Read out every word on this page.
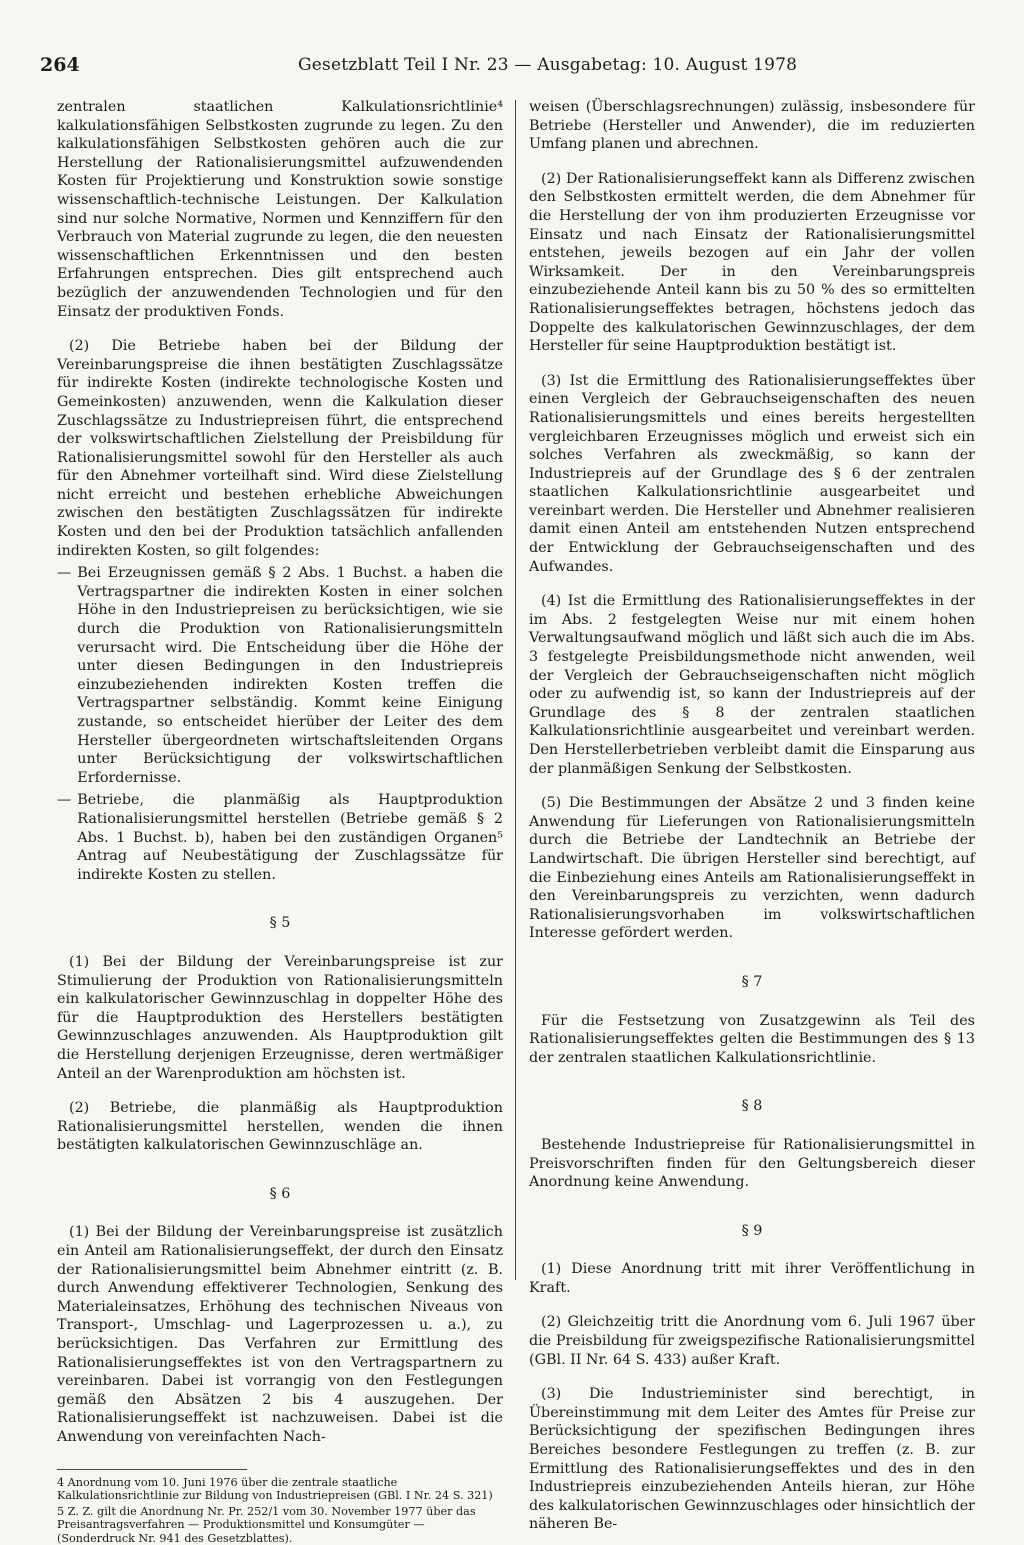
264	Gesetzblatt Teil I Nr. 23 — Ausgabetag: 10. August 1978

zentralen staatlichen Kalkulationsrichtlinie⁴ kalkulationsfähigen Selbstkosten zugrunde zu legen. Zu den kalkulationsfähigen Selbstkosten gehören auch die zur Herstellung der Rationalisierungsmittel aufzuwendenden Kosten für Projektierung und Konstruktion sowie sonstige wissenschaftlich-technische Leistungen. Der Kalkulation sind nur solche Normative, Normen und Kennziffern für den Verbrauch von Material zugrunde zu legen, die den neuesten wissenschaftlichen Erkenntnissen und den besten Erfahrungen entsprechen. Dies gilt entsprechend auch bezüglich der anzuwendenden Technologien und für den Einsatz der produktiven Fonds.

(2) Die Betriebe haben bei der Bildung der Vereinbarungspreise die ihnen bestätigten Zuschlagssätze für indirekte Kosten (indirekte technologische Kosten und Gemeinkosten) anzuwenden, wenn die Kalkulation dieser Zuschlagssätze zu Industriepreisen führt, die entsprechend der volkswirtschaftlichen Zielstellung der Preisbildung für Rationalisierungsmittel sowohl für den Hersteller als auch für den Abnehmer vorteilhaft sind. Wird diese Zielstellung nicht erreicht und bestehen erhebliche Abweichungen zwischen den bestätigten Zuschlagssätzen für indirekte Kosten und den bei der Produktion tatsächlich anfallenden indirekten Kosten, so gilt folgendes:

— Bei Erzeugnissen gemäß § 2 Abs. 1 Buchst. a haben die Vertragspartner die indirekten Kosten in einer solchen Höhe in den Industriepreisen zu berücksichtigen, wie sie durch die Produktion von Rationalisierungsmitteln verursacht wird. Die Entscheidung über die Höhe der unter diesen Bedingungen in den Industriepreis einzubeziehenden indirekten Kosten treffen die Vertragspartner selbständig. Kommt keine Einigung zustande, so entscheidet hierüber der Leiter des dem Hersteller übergeordneten wirtschaftsleitenden Organs unter Berücksichtigung der volkswirtschaftlichen Erfordernisse.
— Betriebe, die planmäßig als Hauptproduktion Rationalisierungsmittel herstellen (Betriebe gemäß § 2 Abs. 1 Buchst. b), haben bei den zuständigen Organen⁵ Antrag auf Neubestätigung der Zuschlagssätze für indirekte Kosten zu stellen.

§ 5

(1) Bei der Bildung der Vereinbarungspreise ist zur Stimulierung der Produktion von Rationalisierungsmitteln ein kalkulatorischer Gewinnzuschlag in doppelter Höhe des für die Hauptproduktion des Herstellers bestätigten Gewinnzuschlages anzuwenden. Als Hauptproduktion gilt die Herstellung derjenigen Erzeugnisse, deren wertmäßiger Anteil an der Warenproduktion am höchsten ist.

(2) Betriebe, die planmäßig als Hauptproduktion Rationalisierungsmittel herstellen, wenden die ihnen bestätigten kalkulatorischen Gewinnzuschläge an.

§ 6

(1) Bei der Bildung der Vereinbarungspreise ist zusätzlich ein Anteil am Rationalisierungseffekt, der durch den Einsatz der Rationalisierungsmittel beim Abnehmer eintritt (z. B. durch Anwendung effektiverer Technologien, Senkung des Materialeinsatzes, Erhöhung des technischen Niveaus von Transport-, Umschlag- und Lagerprozessen u. a.), zu berücksichtigen. Das Verfahren zur Ermittlung des Rationalisierungseffektes ist von den Vertragspartnern zu vereinbaren. Dabei ist vorrangig von den Festlegungen gemäß den Absätzen 2 bis 4 auszugehen. Der Rationalisierungseffekt ist nachzuweisen. Dabei ist die Anwendung von vereinfachten Nach-

4 Anordnung vom 10. Juni 1976 über die zentrale staatliche Kalkulationsrichtlinie zur Bildung von Industriepreisen (GBl. I Nr. 24 S. 321)

5 Z. Z. gilt die Anordnung Nr. Pr. 252/1 vom 30. November 1977 über das Preisantragsverfahren — Produktionsmittel und Konsumgüter — (Sonderdruck Nr. 941 des Gesetzblattes).

weisen (Überschlagsrechnungen) zulässig, insbesondere für Betriebe (Hersteller und Anwender), die im reduzierten Umfang planen und abrechnen.

(2) Der Rationalisierungseffekt kann als Differenz zwischen den Selbstkosten ermittelt werden, die dem Abnehmer für die Herstellung der von ihm produzierten Erzeugnisse vor Einsatz und nach Einsatz der Rationalisierungsmittel entstehen, jeweils bezogen auf ein Jahr der vollen Wirksamkeit. Der in den Vereinbarungspreis einzubeziehende Anteil kann bis zu 50 % des so ermittelten Rationalisierungseffektes betragen, höchstens jedoch das Doppelte des kalkulatorischen Gewinnzuschlages, der dem Hersteller für seine Hauptproduktion bestätigt ist.

(3) Ist die Ermittlung des Rationalisierungseffektes über einen Vergleich der Gebrauchseigenschaften des neuen Rationalisierungsmittels und eines bereits hergestellten vergleichbaren Erzeugnisses möglich und erweist sich ein solches Verfahren als zweckmäßig, so kann der Industriepreis auf der Grundlage des § 6 der zentralen staatlichen Kalkulationsrichtlinie ausgearbeitet und vereinbart werden. Die Hersteller und Abnehmer realisieren damit einen Anteil am entstehenden Nutzen entsprechend der Entwicklung der Gebrauchseigenschaften und des Aufwandes.

(4) Ist die Ermittlung des Rationalisierungseffektes in der im Abs. 2 festgelegten Weise nur mit einem hohen Verwaltungsaufwand möglich und läßt sich auch die im Abs. 3 festgelegte Preisbildungsmethode nicht anwenden, weil der Vergleich der Gebrauchseigenschaften nicht möglich oder zu aufwendig ist, so kann der Industriepreis auf der Grundlage des § 8 der zentralen staatlichen Kalkulationsrichtlinie ausgearbeitet und vereinbart werden. Den Herstellerbetrieben verbleibt damit die Einsparung aus der planmäßigen Senkung der Selbstkosten.

(5) Die Bestimmungen der Absätze 2 und 3 finden keine Anwendung für Lieferungen von Rationalisierungsmitteln durch die Betriebe der Landtechnik an Betriebe der Landwirtschaft. Die übrigen Hersteller sind berechtigt, auf die Einbeziehung eines Anteils am Rationalisierungseffekt in den Vereinbarungspreis zu verzichten, wenn dadurch Rationalisierungsvorhaben im volkswirtschaftlichen Interesse gefördert werden.

§ 7

Für die Festsetzung von Zusatzgewinn als Teil des Rationalisierungseffektes gelten die Bestimmungen des § 13 der zentralen staatlichen Kalkulationsrichtlinie.

§ 8

Bestehende Industriepreise für Rationalisierungsmittel in Preisvorschriften finden für den Geltungsbereich dieser Anordnung keine Anwendung.

§ 9

(1) Diese Anordnung tritt mit ihrer Veröffentlichung in Kraft.

(2) Gleichzeitig tritt die Anordnung vom 6. Juli 1967 über die Preisbildung für zweigspezifische Rationalisierungsmittel (GBl. II Nr. 64 S. 433) außer Kraft.

(3) Die Industrieminister sind berechtigt, in Übereinstimmung mit dem Leiter des Amtes für Preise zur Berücksichtigung der spezifischen Bedingungen ihres Bereiches besondere Festlegungen zu treffen (z. B. zur Ermittlung des Rationalisierungseffektes und des in den Industriepreis einzubeziehenden Anteils hieran, zur Höhe des kalkulatorischen Gewinnzuschlages oder hinsichtlich der näheren Be-
